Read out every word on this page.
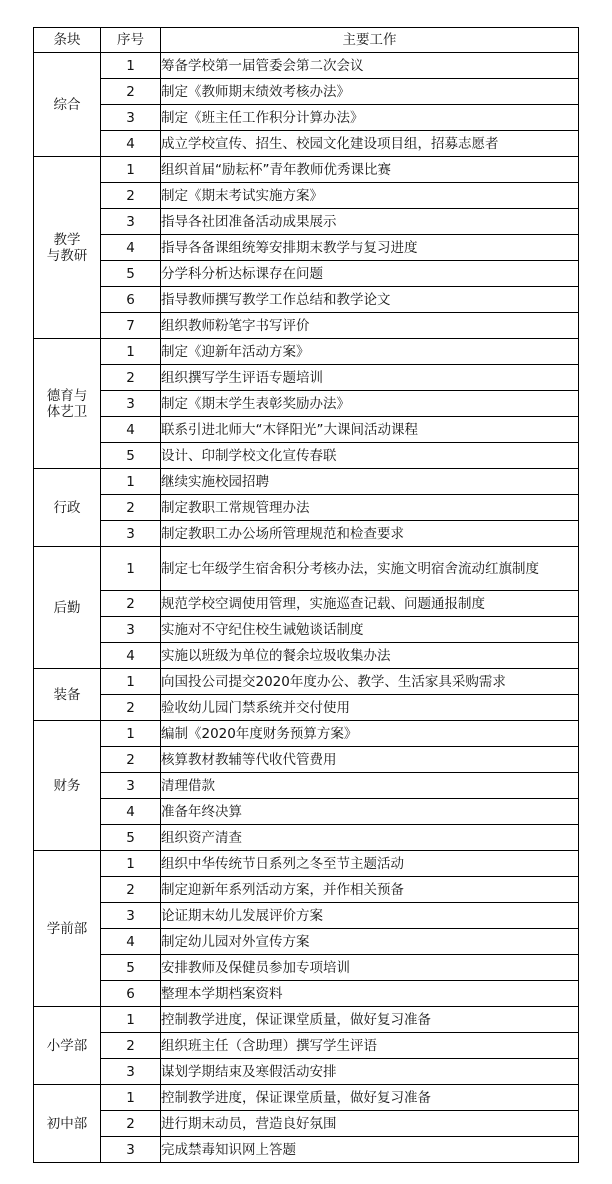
条块	序号	主要工作
综合	1	筹备学校第一届管委会第二次会议
	2	制定《教师期末绩效考核办法》
	3	制定《班主任工作积分计算办法》
	4	成立学校宣传、招生、校园文化建设项目组，招募志愿者
教学
与教研	1	组织首届“励耘杯”青年教师优秀课比赛
	2	制定《期末考试实施方案》
	3	指导各社团准备活动成果展示
	4	指导各备课组统筹安排期末教学与复习进度
	5	分学科分析达标课存在问题
	6	指导教师撰写教学工作总结和教学论文
	7	组织教师粉笔字书写评价
德育与
体艺卫	1	制定《迎新年活动方案》
	2	组织撰写学生评语专题培训
	3	制定《期末学生表彰奖励办法》
	4	联系引进北师大“木铎阳光”大课间活动课程
	5	设计、印制学校文化宣传春联
行政	1	继续实施校园招聘
	2	制定教职工常规管理办法
	3	制定教职工办公场所管理规范和检查要求
后勤	1	制定七年级学生宿舍积分考核办法，实施文明宿舍流动红旗制度
	2	规范学校空调使用管理，实施巡查记载、问题通报制度
	3	实施对不守纪住校生诫勉谈话制度
	4	实施以班级为单位的餐余垃圾收集办法
装备	1	向国投公司提交2020年度办公、教学、生活家具采购需求
	2	验收幼儿园门禁系统并交付使用
财务	1	编制《2020年度财务预算方案》
	2	核算教材教辅等代收代管费用
	3	清理借款
	4	准备年终决算
	5	组织资产清查
学前部	1	组织中华传统节日系列之冬至节主题活动
	2	制定迎新年系列活动方案，并作相关预备
	3	论证期末幼儿发展评价方案
	4	制定幼儿园对外宣传方案
	5	安排教师及保健员参加专项培训
	6	整理本学期档案资料
小学部	1	控制教学进度，保证课堂质量，做好复习准备
	2	组织班主任（含助理）撰写学生评语
	3	谋划学期结束及寒假活动安排
初中部	1	控制教学进度，保证课堂质量，做好复习准备
	2	进行期末动员，营造良好氛围
	3	完成禁毒知识网上答题
